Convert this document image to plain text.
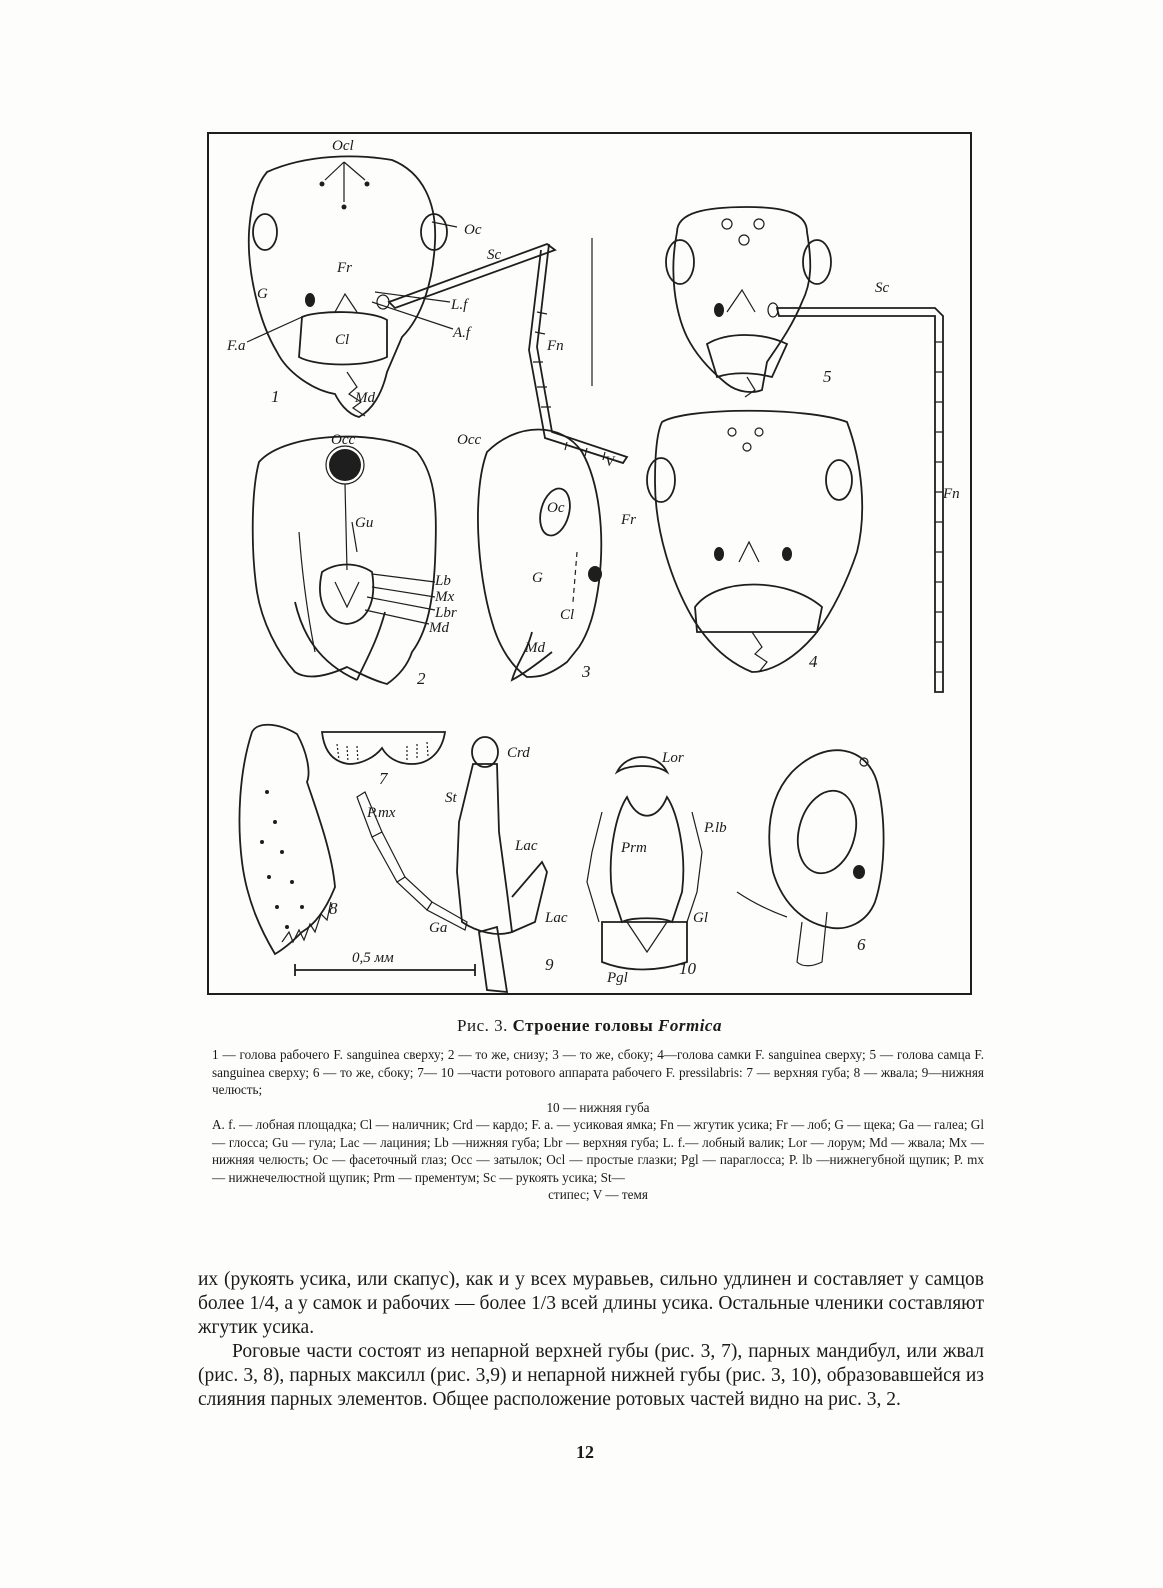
Ocl
Oc
Sc
Fr
G
L.f
A.f
F.a	Cl
Md
Fn
V
Sc
Fn
Occ	Occ
Gu
Lb
Mx
Lbr
Md
Oc
Fr
G
Cl
Md
Crd
St
P.mx
Lac
Lac
Ga
Lor
P.lb
Prm
Gl
Pgl
0,5 мм
1
2	3
4
5
6
7
8
9	10
Рис. 3. Строение головы Formica

1 — голова рабочего F. sanguinea сверху; 2 — то же, снизу; 3 — то же, сбоку; 4—голова самки F. sanguinea сверху; 5 — голова самца F. sanguinea сверху; 6 — то же, сбоку; 7— 10 —части ротового аппарата рабочего F. pressilabris: 7 — верхняя губа; 8 — жвала; 9—нижняя челюсть;

10 — нижняя губа

A. f. — лобная площадка; Cl — наличник; Crd — кардо; F. a. — усиковая ямка; Fn — жгутик усика; Fr — лоб; G — щека; Ga — галеа; Gl — глосса; Gu — гула; Lac — лациния; Lb —нижняя губа; Lbr — верхняя губа; L. f.— лобный валик; Lor — лорум; Md — жвала; Mx —нижняя челюсть; Oc — фасеточный глаз; Occ — затылок; Ocl — простые глазки; Pgl — параглосса; P. lb —нижнегубной щупик; P. mx — нижнечелюстной щупик; Prm — прементум; Sc — рукоять усика; St—

стипес; V — темя

их (рукоять усика, или скапус), как и у всех муравьев, сильно удлинен и составляет у самцов более 1/4, а у самок и рабочих — более 1/3 всей длины усика. Остальные членики составляют жгутик усика.

Роговые части состоят из непарной верхней губы (рис. 3, 7), парных мандибул, или жвал (рис. 3, 8), парных максилл (рис. 3,9) и непарной нижней губы (рис. 3, 10), образовавшейся из слияния парных элементов. Общее расположение ротовых частей видно на рис. 3, 2.

12
